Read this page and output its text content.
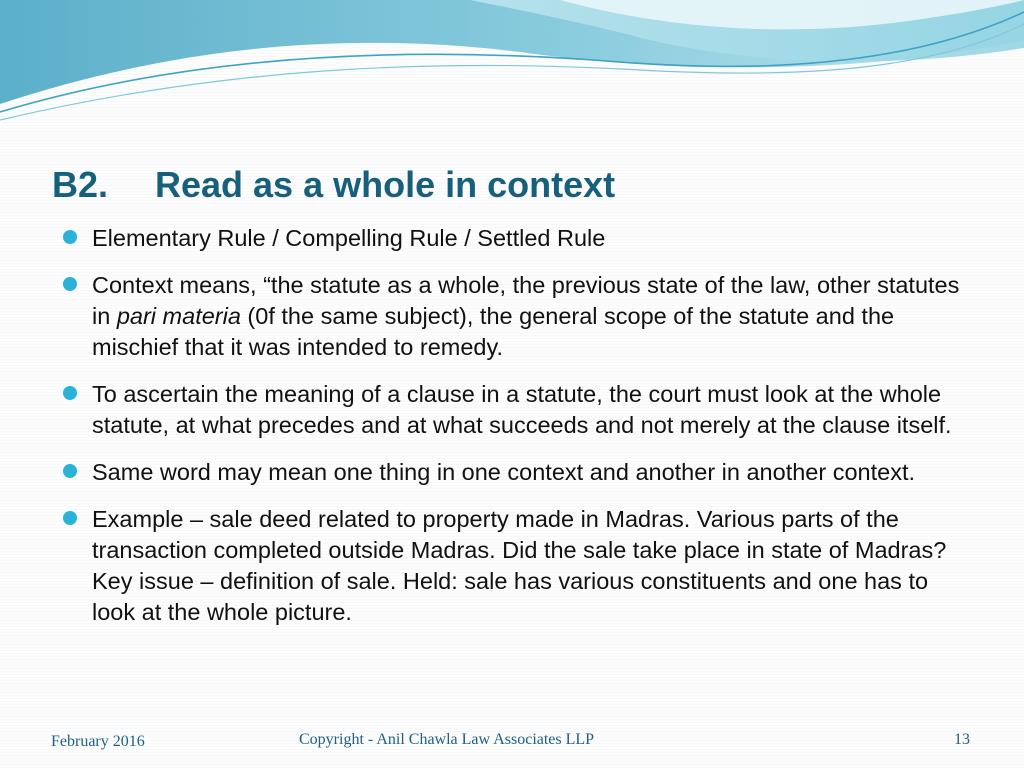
B2. Read as a whole in context
Elementary Rule / Compelling Rule / Settled Rule
Context means, “the statute as a whole, the previous state of the law, other statutes in pari materia (0f the same subject), the general scope of the statute and the mischief that it was intended to remedy.
To ascertain the meaning of a clause in a statute, the court must look at the whole statute, at what precedes and at what succeeds and not merely at the clause itself.
Same word may mean one thing in one context and another in another context.
Example – sale deed related to property made in Madras. Various parts of the transaction completed outside Madras. Did the sale take place in state of Madras? Key issue – definition of sale. Held: sale has various constituents and one has to look at the whole picture.
February 2016	Copyright - Anil Chawla Law Associates LLP	13
